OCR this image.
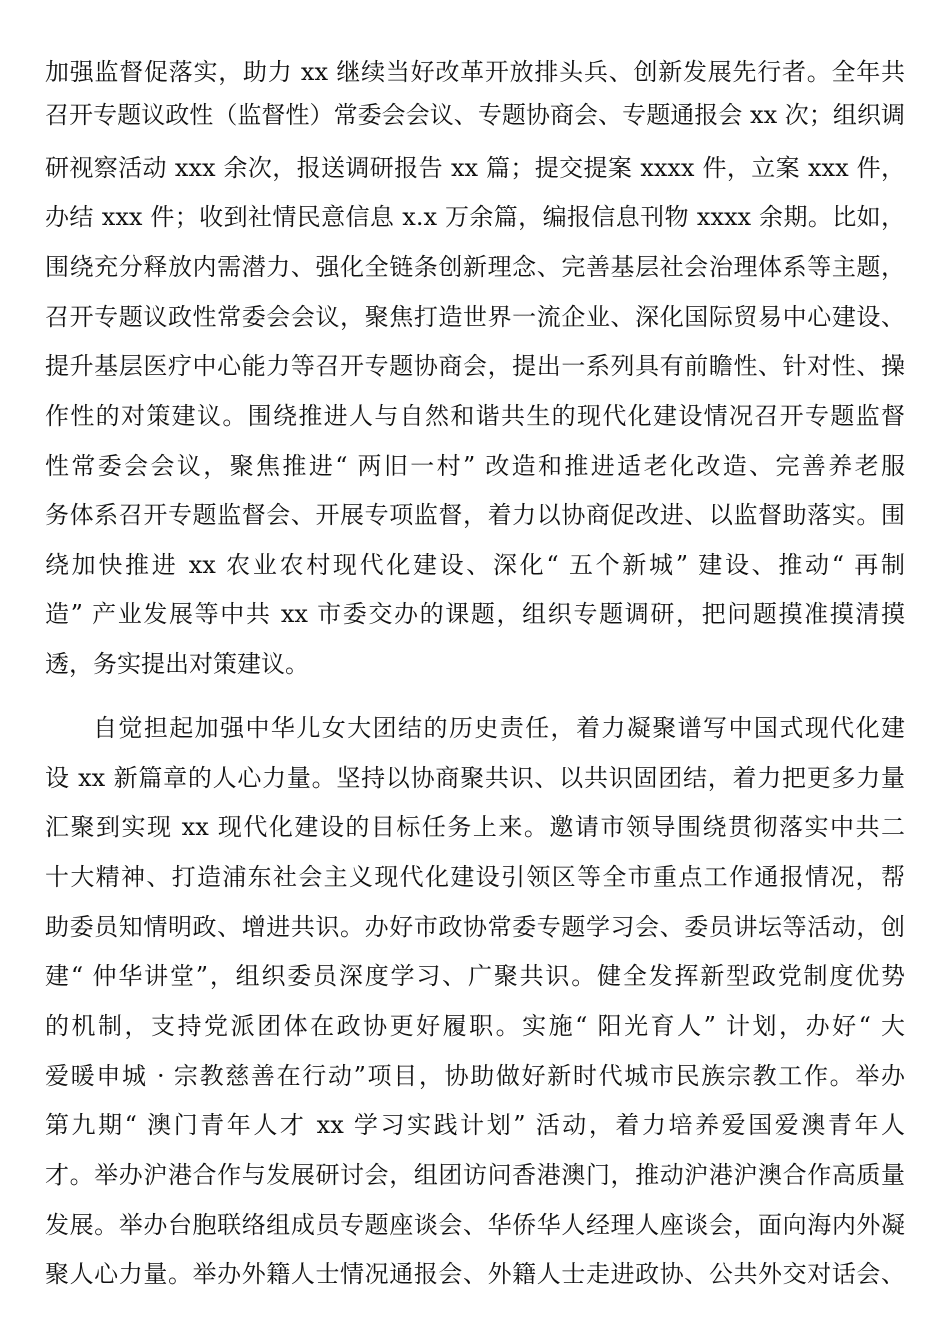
加强监督促落实，助力 xx 继续当好改革开放排头兵、创新发展先行者。全年共
召开专题议政性（监督性）常委会会议、专题协商会、专题通报会 xx 次；组织调
研视察活动 xxx 余次，报送调研报告 xx 篇；提交提案 xxxx 件，立案 xxx 件，
办结 xxx 件；收到社情民意信息 x.x 万余篇，编报信息刊物 xxxx 余期。比如，
围绕充分释放内需潜力、强化全链条创新理念、完善基层社会治理体系等主题，
召开专题议政性常委会会议，聚焦打造世界一流企业、深化国际贸易中心建设、
提升基层医疗中心能力等召开专题协商会，提出一系列具有前瞻性、针对性、操
作性的对策建议。围绕推进人与自然和谐共生的现代化建设情况召开专题监督
性常委会会议，聚焦推进“ 两旧一村” 改造和推进适老化改造、完善养老服
务体系召开专题监督会、开展专项监督，着力以协商促改进、以监督助落实。围
绕加快推进 xx 农业农村现代化建设、深化“ 五个新城” 建设、推动“ 再制
造” 产业发展等中共 xx 市委交办的课题，组织专题调研，把问题摸准摸清摸
透，务实提出对策建议。
自觉担起加强中华儿女大团结的历史责任，着力凝聚谱写中国式现代化建
设 xx 新篇章的人心力量。坚持以协商聚共识、以共识固团结，着力把更多力量
汇聚到实现 xx 现代化建设的目标任务上来。邀请市领导围绕贯彻落实中共二
十大精神、打造浦东社会主义现代化建设引领区等全市重点工作通报情况，帮
助委员知情明政、增进共识。办好市政协常委专题学习会、委员讲坛等活动，创
建“ 仲华讲堂”，组织委员深度学习、广聚共识。健全发挥新型政党制度优势
的机制，支持党派团体在政协更好履职。实施“ 阳光育人” 计划，办好“ 大
爱暖申城 · 宗教慈善在行动”项目，协助做好新时代城市民族宗教工作。举办
第九期“ 澳门青年人才 xx 学习实践计划” 活动，着力培养爱国爱澳青年人
才。举办沪港合作与发展研讨会，组团访问香港澳门，推动沪港沪澳合作高质量
发展。举办台胞联络组成员专题座谈会、华侨华人经理人座谈会，面向海内外凝
聚人心力量。举办外籍人士情况通报会、外籍人士走进政协、公共外交对话会、
